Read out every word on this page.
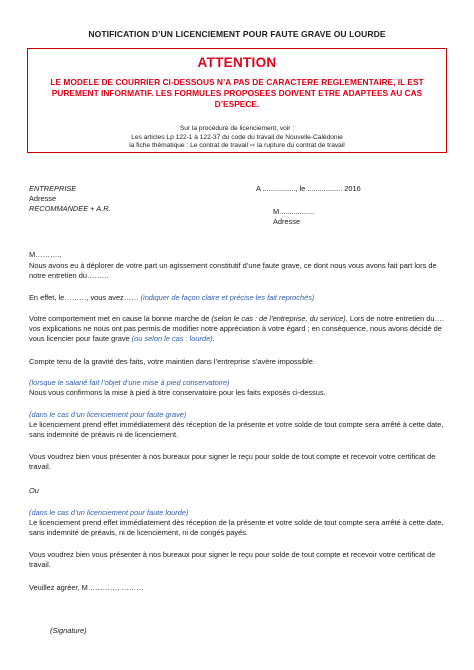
NOTIFICATION D’UN LICENCIEMENT POUR FAUTE GRAVE OU LOURDE
ATTENTION
LE MODELE DE COURRIER CI-DESSOUS N’A PAS DE CARACTERE REGLEMENTAIRE, IL EST PUREMENT INFORMATIF. LES FORMULES PROPOSEES DOIVENT ETRE ADAPTEES AU CAS D’ESPECE.
Sur la procédure de licenciement, voir :
Les articles Lp 122-1 à 122-37 du code du travail de Nouvelle-Calédonie
la fiche thématique : Le contrat de travail ⇨ la rupture du contrat de travail
ENTREPRISE
Adresse
RECOMMANDEE + A.R.
A ................, le ................. 2016
M.................
Adresse
M……….,
Nous avons eu à déplorer de votre part un agissement constitutif d’une faute grave, ce dont nous vous avons fait part lors de notre entretien du………
En effet, le………, vous avez…… (indiquer de façon claire et précise les fait reprochés)
Votre comportement met en cause la bonne marche de (selon le cas : de l’entreprise, du service). Lors de notre entretien du…. vos explications ne nous ont pas permis de modifier notre appréciation à votre égard ; en conséquence, nous avons décidé de vous licencier pour faute grave (ou selon le cas : lourde).
Compte tenu de la gravité des faits, votre maintien dans l’entreprise s’avère impossible.
(lorsque le salarié fait l’objet d’une mise à pied conservatoire)
Nous vous confirmons la mise à pied à titre conservatoire pour les faits exposés ci-dessus.
(dans le cas d’un licenciement pour faute grave)
Le licenciement prend effet immédiatement dès réception de la présente et votre solde de tout compte sera arrêté à cette date, sans indemnité de préavis ni de licenciement.
Vous voudrez bien vous présenter à nos bureaux pour signer le reçu pour solde de tout compte et recevoir votre certificat de travail.
Ou
(dans le cas d’un licenciement pour faute lourde)
Le licenciement prend effet immédiatement dès réception de la présente et votre solde de tout compte sera arrêté à cette date, sans indemnité de préavis, ni de licenciement, ni de congés payés.
Vous voudrez bien vous présenter à nos bureaux pour signer le reçu pour solde de tout compte et recevoir votre certificat de travail.
Veuillez agréer, M…………, ………
(Signature)
